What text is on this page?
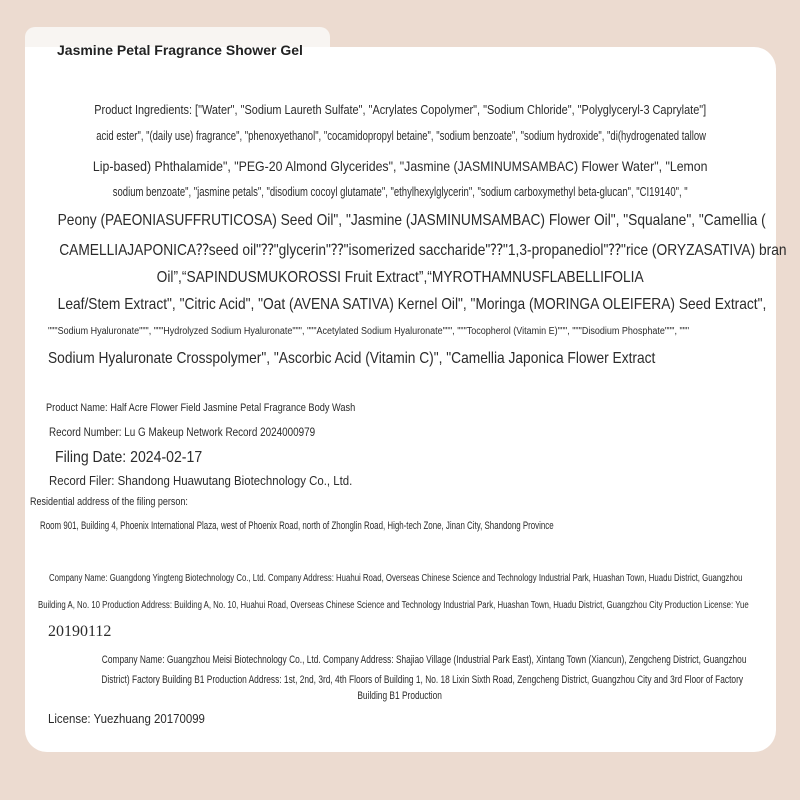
Jasmine Petal Fragrance Shower Gel
Product Ingredients: ["Water", "Sodium Laureth Sulfate", "Acrylates Copolymer", "Sodium Chloride", "Polyglyceryl-3 Caprylate"]
acid ester", "(daily use) fragrance", "phenoxyethanol", "cocamidopropyl betaine", "sodium benzoate", "sodium hydroxide", "di(hydrogenated tallow
Lip-based) Phthalamide", "PEG-20 Almond Glycerides", "Jasmine (JASMINUMSAMBAC) Flower Water", "Lemon
sodium benzoate", "jasmine petals", "disodium cocoyl glutamate", "ethylhexylglycerin", "sodium carboxymethyl beta-glucan", "CI19140", "
Peony (PAEONIASUFFRUTICOSA) Seed Oil", "Jasmine (JASMINUMSAMBAC) Flower Oil", "Squalane", "Camellia (
CAMELLIAJAPONICA⁇seed oil"⁇"glycerin"⁇"isomerized saccharide"⁇"1,3-propanediol"⁇"rice (ORYZASATIVA) bran
Oil”,“SAPINDUSMUKOROSSI Fruit Extract”,“MYROTHAMNUSFLABELLIFOLIA
Leaf/Stem Extract", "Citric Acid", "Oat (AVENA SATIVA) Kernel Oil", "Moringa (MORINGA OLEIFERA) Seed Extract",
"""Sodium Hyaluronate""", """Hydrolyzed Sodium Hyaluronate""", """Acetylated Sodium Hyaluronate""", """Tocopherol (Vitamin E)""", """Disodium Phosphate""", """
Sodium Hyaluronate Crosspolymer", "Ascorbic Acid (Vitamin C)", "Camellia Japonica Flower Extract
Product Name: Half Acre Flower Field Jasmine Petal Fragrance Body Wash
Record Number: Lu G Makeup Network Record 2024000979
Filing Date: 2024-02-17
Record Filer: Shandong Huawutang Biotechnology Co., Ltd.
Residential address of the filing person:
Room 901, Building 4, Phoenix International Plaza, west of Phoenix Road, north of Zhonglin Road, High-tech Zone, Jinan City, Shandong Province
Company Name: Guangdong Yingteng Biotechnology Co., Ltd. Company Address: Huahui Road, Overseas Chinese Science and Technology Industrial Park, Huashan Town, Huadu District, Guangzhou
Building A, No. 10 Production Address: Building A, No. 10, Huahui Road, Overseas Chinese Science and Technology Industrial Park, Huashan Town, Huadu District, Guangzhou City Production License: Yue
20190112
Company Name: Guangzhou Meisi Biotechnology Co., Ltd. Company Address: Shajiao Village (Industrial Park East), Xintang Town (Xiancun), Zengcheng District, Guangzhou
District) Factory Building B1 Production Address: 1st, 2nd, 3rd, 4th Floors of Building 1, No. 18 Lixin Sixth Road, Zengcheng District, Guangzhou City and 3rd Floor of Factory
Building B1 Production
License: Yuezhuang 20170099
